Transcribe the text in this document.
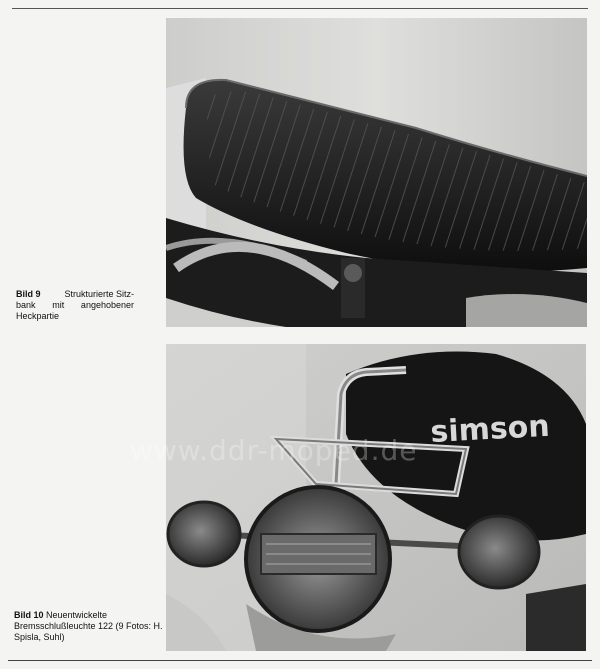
Bild 9	Strukturierte Sitz-
bank mit angehobener Heckpartie
simson
www.ddr-moped.de
Bild 10 Neuentwickelte Bremsschlußleuchte 122 (9 Fotos: H. Spisla, Suhl)
